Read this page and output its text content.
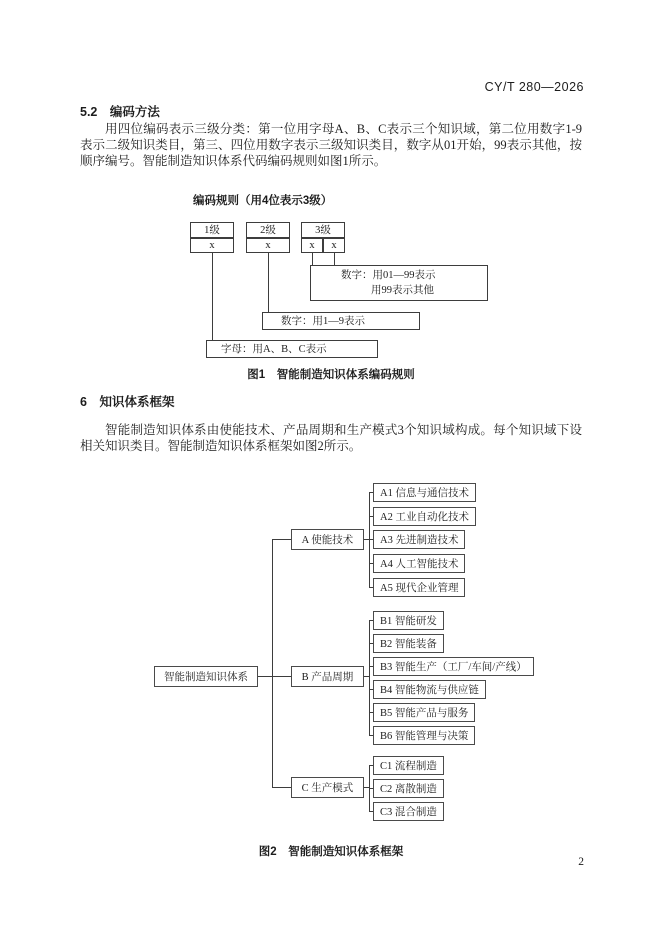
CY/T 280—2026
5.2　编码方法

用四位编码表示三级分类：第一位用字母A、B、C表示三个知识域，第二位用数字1-9表示二级知识类目，第三、四位用数字表示三级知识类目，数字从01开始，99表示其他，按顺序编号。智能制造知识体系代码编码规则如图1所示。

编码规则（用4位表示3级）
1级	2级	3级
x	x	x	x
数字：用01—99表示
用99表示其他
数字：用1—9表示
字母：用A、B、C表示
图1　智能制造知识体系编码规则
6　知识体系框架

智能制造知识体系由使能技术、产品周期和生产模式3个知识域构成。每个知识域下设相关知识类目。智能制造知识体系框架如图2所示。

智能制造知识体系
A 使能技术
B 产品周期
C 生产模式
A1 信息与通信技术
A2 工业自动化技术
A3 先进制造技术
A4 人工智能技术
A5 现代企业管理
B1 智能研发
B2 智能装备
B3 智能生产（工厂/车间/产线）
B4 智能物流与供应链
B5 智能产品与服务
B6 智能管理与决策
C1 流程制造
C2 离散制造
C3 混合制造
图2　智能制造知识体系框架
2
